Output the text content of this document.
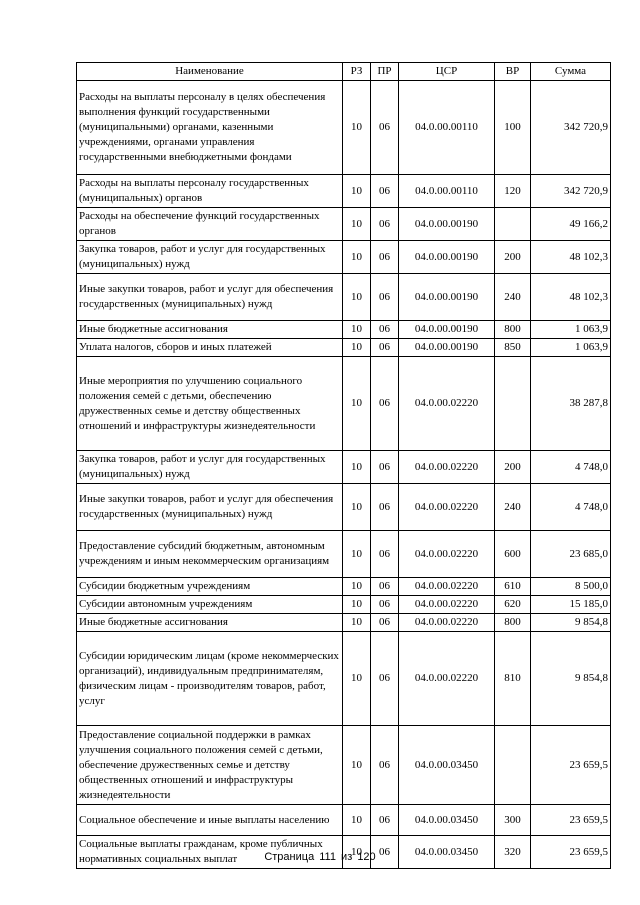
Наименование	РЗ	ПР	ЦСР	ВР	Сумма
Расходы на выплаты персоналу в целях обеспечения выполнения функций государственными (муниципальными) органами, казенными учреждениями, органами управления государственными внебюджетными фондами	10	06	04.0.00.00110	100	342 720,9
Расходы на выплаты персоналу государственных (муниципальных) органов	10	06	04.0.00.00110	120	342 720,9
Расходы на обеспечение функций государственных органов	10	06	04.0.00.00190		49 166,2
Закупка товаров, работ и услуг для государственных (муниципальных) нужд	10	06	04.0.00.00190	200	48 102,3
Иные закупки товаров, работ и услуг для обеспечения государственных (муниципальных) нужд	10	06	04.0.00.00190	240	48 102,3
Иные бюджетные ассигнования	10	06	04.0.00.00190	800	1 063,9
Уплата налогов, сборов и иных платежей	10	06	04.0.00.00190	850	1 063,9
Иные мероприятия по улучшению социального положения семей с детьми, обеспечению дружественных семье и детству общественных отношений и инфраструктуры жизнедеятельности	10	06	04.0.00.02220		38 287,8
Закупка товаров, работ и услуг для государственных (муниципальных) нужд	10	06	04.0.00.02220	200	4 748,0
Иные закупки товаров, работ и услуг для обеспечения государственных (муниципальных) нужд	10	06	04.0.00.02220	240	4 748,0
Предоставление субсидий бюджетным, автономным учреждениям и иным некоммерческим организациям	10	06	04.0.00.02220	600	23 685,0
Субсидии бюджетным учреждениям	10	06	04.0.00.02220	610	8 500,0
Субсидии автономным учреждениям	10	06	04.0.00.02220	620	15 185,0
Иные бюджетные ассигнования	10	06	04.0.00.02220	800	9 854,8
Субсидии юридическим лицам (кроме некоммерческих организаций), индивидуальным предпринимателям, физическим лицам - производителям товаров, работ, услуг	10	06	04.0.00.02220	810	9 854,8
Предоставление социальной поддержки в рамках улучшения социального положения семей с детьми, обеспечение дружественных семье и детству общественных отношений и инфраструктуры жизнедеятельности	10	06	04.0.00.03450		23 659,5
Социальное обеспечение и иные выплаты населению	10	06	04.0.00.03450	300	23 659,5
Социальные выплаты гражданам, кроме публичных нормативных социальных выплат	10	06	04.0.00.03450	320	23 659,5
Страница 111 из 120
